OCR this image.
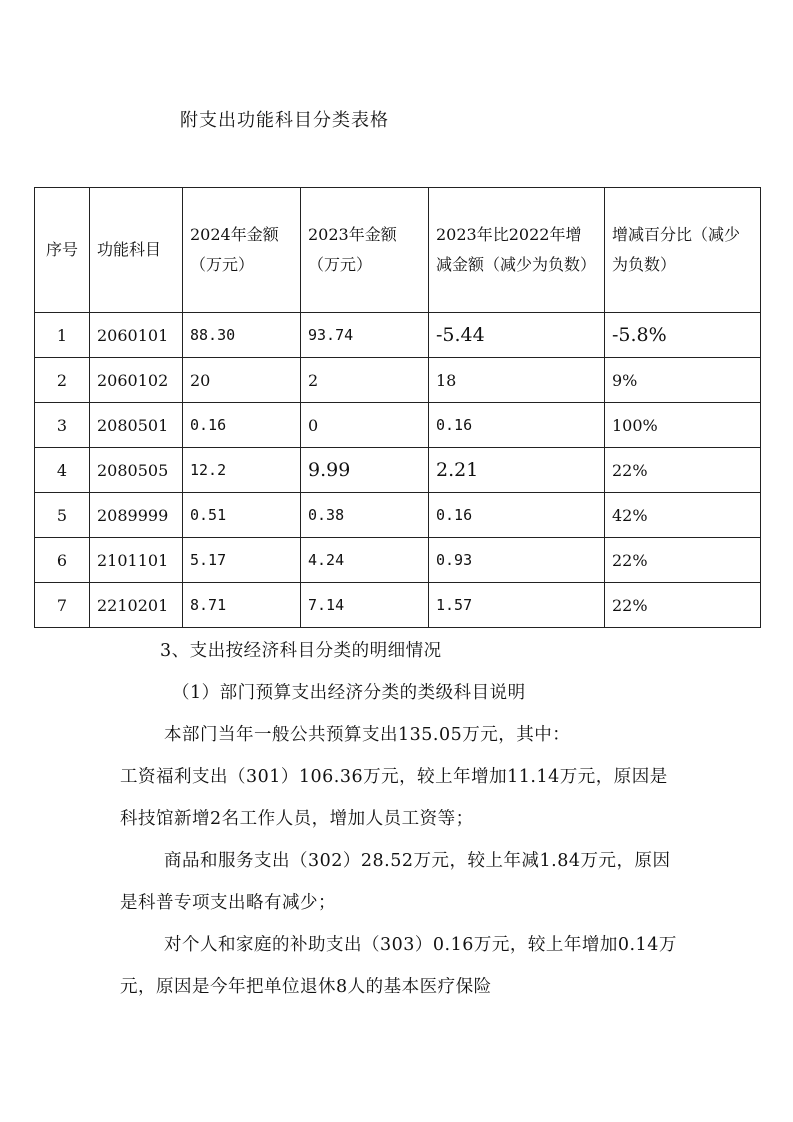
附支出功能科目分类表格
序号	功能科目	2024年金额（万元）	2023年金额（万元）	2023年比2022年增减金额（减少为负数）	增减百分比（减少为负数）
1	2060101	88.30	93.74	-5.44	-5.8%
2	2060102	20	2	18	9%
3	2080501	0.16	0	0.16	100%
4	2080505	12.2	9.99	2.21	22%
5	2089999	0.51	0.38	0.16	42%
6	2101101	5.17	4.24	0.93	22%
7	2210201	8.71	7.14	1.57	22%

3、支出按经济科目分类的明细情况

（1）部门预算支出经济分类的类级科目说明

本部门当年一般公共预算支出135.05万元，其中：

工资福利支出（301）106.36万元，较上年增加11.14万元，原因是科技馆新增2名工作人员，增加人员工资等；

商品和服务支出（302）28.52万元，较上年减1.84万元，原因是科普专项支出略有减少；

对个人和家庭的补助支出（303）0.16万元，较上年增加0.14万元，原因是今年把单位退休8人的基本医疗保险
